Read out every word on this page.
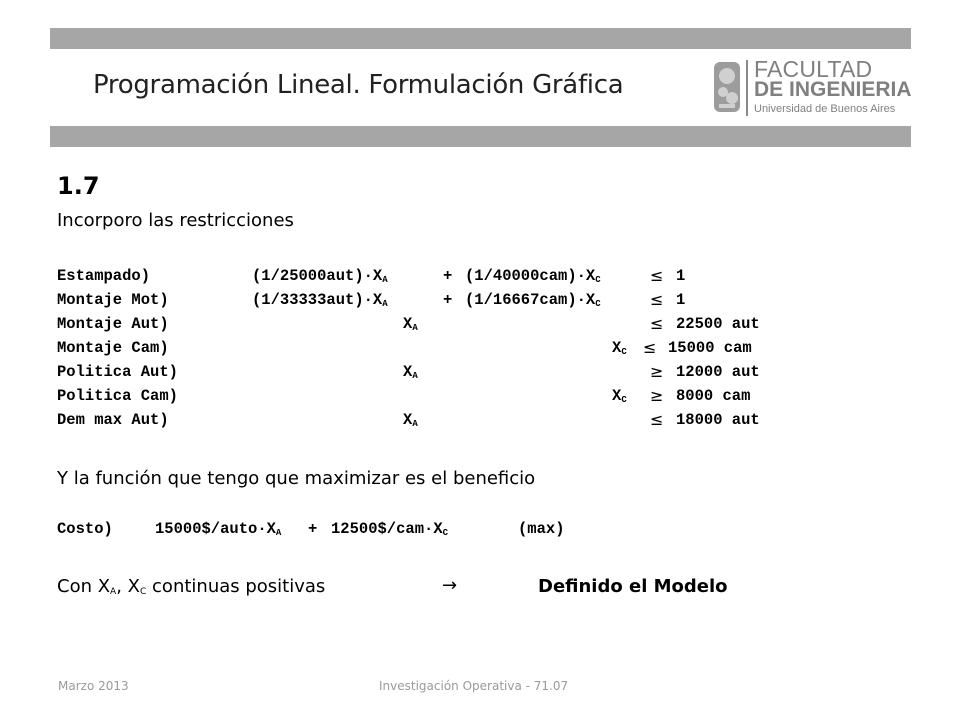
Programación Lineal. Formulación Gráfica
FACULTAD
DE INGENIERIA
Universidad de Buenos Aires
1.7
Incorporo las restricciones
Estampado)	$(1/25000aut)\cdot X_A$	+ $(1/40000cam)\cdot X_C$	≤ 1
Montaje Mot)	$(1/33333aut)\cdot X_A$	+ $(1/16667cam)\cdot X_C$	≤ 1
Montaje Aut)	$X_A$	≤ 22500 aut
Montaje Cam)	$X_C \le 15000$ cam
Politica Aut)	$X_A$	≥ 12000 aut
Politica Cam)	$X_C \ge 8000$ cam
Dem max Aut)	$X_A$	≤ 18000 aut
Y la función que tengo que maximizar es el beneficio
Costo)	$15000\$/auto\cdot X_A$ + $12500\$/cam\cdot X_C$	(max)
Con $X_A$, $X_C$ continuas positivas	→	Definido el Modelo
Marzo 2013	Investigación Operativa - 71.07
